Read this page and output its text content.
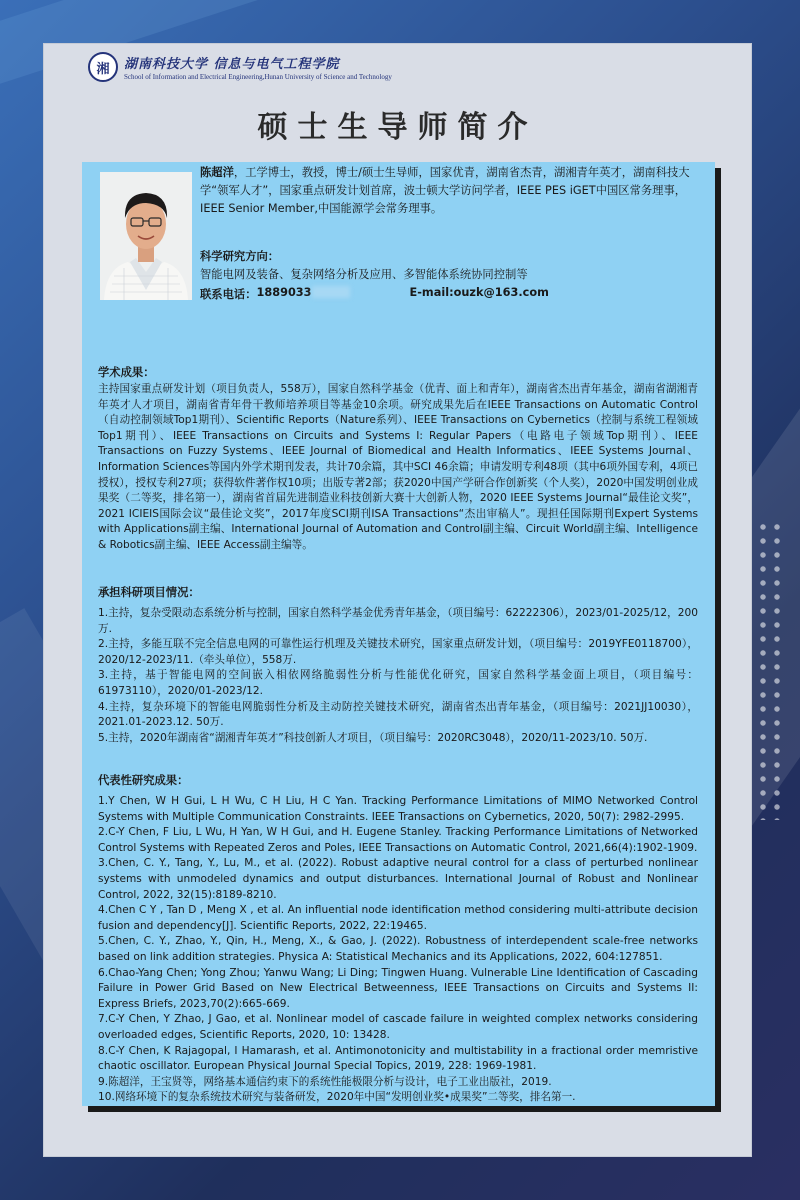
湘	湖南科技大学 信息与电气工程学院
School of Information and Electrical Engineering,Hunan University of Science and Technology
硕士生导师简介
陈超洋，工学博士，教授，博士/硕士生导师，国家优青，湖南省杰青，湖湘青年英才，湖南科技大学“领军人才”，国家重点研发计划首席，波士顿大学访问学者，IEEE PES iGET中国区常务理事，IEEE Senior Member,中国能源学会常务理事。
科学研究方向：
智能电网及装备、复杂网络分析及应用、多智能体系统协同控制等
联系电话： 1889033	E-mail:ouzk@163.com
学术成果：
主持国家重点研发计划（项目负责人，558万），国家自然科学基金（优青、面上和青年），湖南省杰出青年基金，湖南省湖湘青年英才人才项目，湖南省青年骨干教师培养项目等基金10余项。研究成果先后在IEEE Transactions on Automatic Control（自动控制领域Top1期刊）、Scientific Reports（Nature系列）、IEEE Transactions on Cybernetics（控制与系统工程领域Top1期刊）、IEEE Transactions on Circuits and Systems I: Regular Papers（电路电子领域Top期刊）、IEEE Transactions on Fuzzy Systems、IEEE Journal of Biomedical and Health Informatics、IEEE Systems Journal、Information Sciences等国内外学术期刊发表，共计70余篇，其中SCI 46余篇；申请发明专利48项（其中6项外国专利，4项已授权），授权专利27项；获得软件著作权10项；出版专著2部；获2020中国产学研合作创新奖（个人奖），2020中国发明创业成果奖（二等奖，排名第一），湖南省首届先进制造业科技创新大赛十大创新人物，2020 IEEE Systems Journal“最佳论文奖”，2021 ICIEIS国际会议“最佳论文奖”，2017年度SCI期刊ISA Transactions“杰出审稿人”。现担任国际期刊Expert Systems with Applications副主编、International Journal of Automation and Control副主编、Circuit World副主编、Intelligence & Robotics副主编、IEEE Access副主编等。
承担科研项目情况：
1.主持，复杂受限动态系统分析与控制，国家自然科学基金优秀青年基金，（项目编号：62222306），2023/01-2025/12，200万.
2.主持，多能互联不完全信息电网的可靠性运行机理及关键技术研究，国家重点研发计划，（项目编号：2019YFE0118700），2020/12-2023/11.（牵头单位），558万.
3.主持，基于智能电网的空间嵌入相依网络脆弱性分析与性能优化研究，国家自然科学基金面上项目，（项目编号：61973110），2020/01-2023/12.
4.主持，复杂环境下的智能电网脆弱性分析及主动防控关键技术研究，湖南省杰出青年基金，（项目编号：2021JJ10030），2021.01-2023.12. 50万.
5.主持，2020年湖南省“湖湘青年英才”科技创新人才项目，（项目编号：2020RC3048），2020/11-2023/10. 50万.
代表性研究成果：
1.Y Chen, W H Gui, L H Wu, C H Liu, H C Yan. Tracking Performance Limitations of MIMO Networked Control Systems with Multiple Communication Constraints. IEEE Transactions on Cybernetics, 2020, 50(7): 2982-2995.
2.C-Y Chen, F Liu, L Wu, H Yan, W H Gui, and H. Eugene Stanley. Tracking Performance Limitations of Networked Control Systems with Repeated Zeros and Poles, IEEE Transactions on Automatic Control, 2021,66(4):1902-1909.
3.Chen, C. Y., Tang, Y., Lu, M., et al. (2022). Robust adaptive neural control for a class of perturbed nonlinear systems with unmodeled dynamics and output disturbances. International Journal of Robust and Nonlinear Control, 2022, 32(15):8189-8210.
4.Chen C Y , Tan D , Meng X , et al. An influential node identification method considering multi-attribute decision fusion and dependency[J]. Scientific Reports, 2022, 22:19465.
5.Chen, C. Y., Zhao, Y., Qin, H., Meng, X., & Gao, J. (2022). Robustness of interdependent scale-free networks based on link addition strategies. Physica A: Statistical Mechanics and its Applications, 2022, 604:127851.
6.Chao-Yang Chen; Yong Zhou; Yanwu Wang; Li Ding; Tingwen Huang. Vulnerable Line Identification of Cascading Failure in Power Grid Based on New Electrical Betweenness, IEEE Transactions on Circuits and Systems II: Express Briefs, 2023,70(2):665-669.
7.C-Y Chen, Y Zhao, J Gao, et al. Nonlinear model of cascade failure in weighted complex networks considering overloaded edges, Scientific Reports, 2020, 10: 13428.
8.C-Y Chen, K Rajagopal, I Hamarash, et al. Antimonotonicity and multistability in a fractional order memristive chaotic oscillator. European Physical Journal Special Topics, 2019, 228: 1969-1981.
9.陈超洋，王宝贤等，网络基本通信约束下的系统性能极限分析与设计，电子工业出版社，2019.
10.网络环境下的复杂系统技术研究与装备研发，2020年中国“发明创业奖•成果奖”二等奖，排名第一.
